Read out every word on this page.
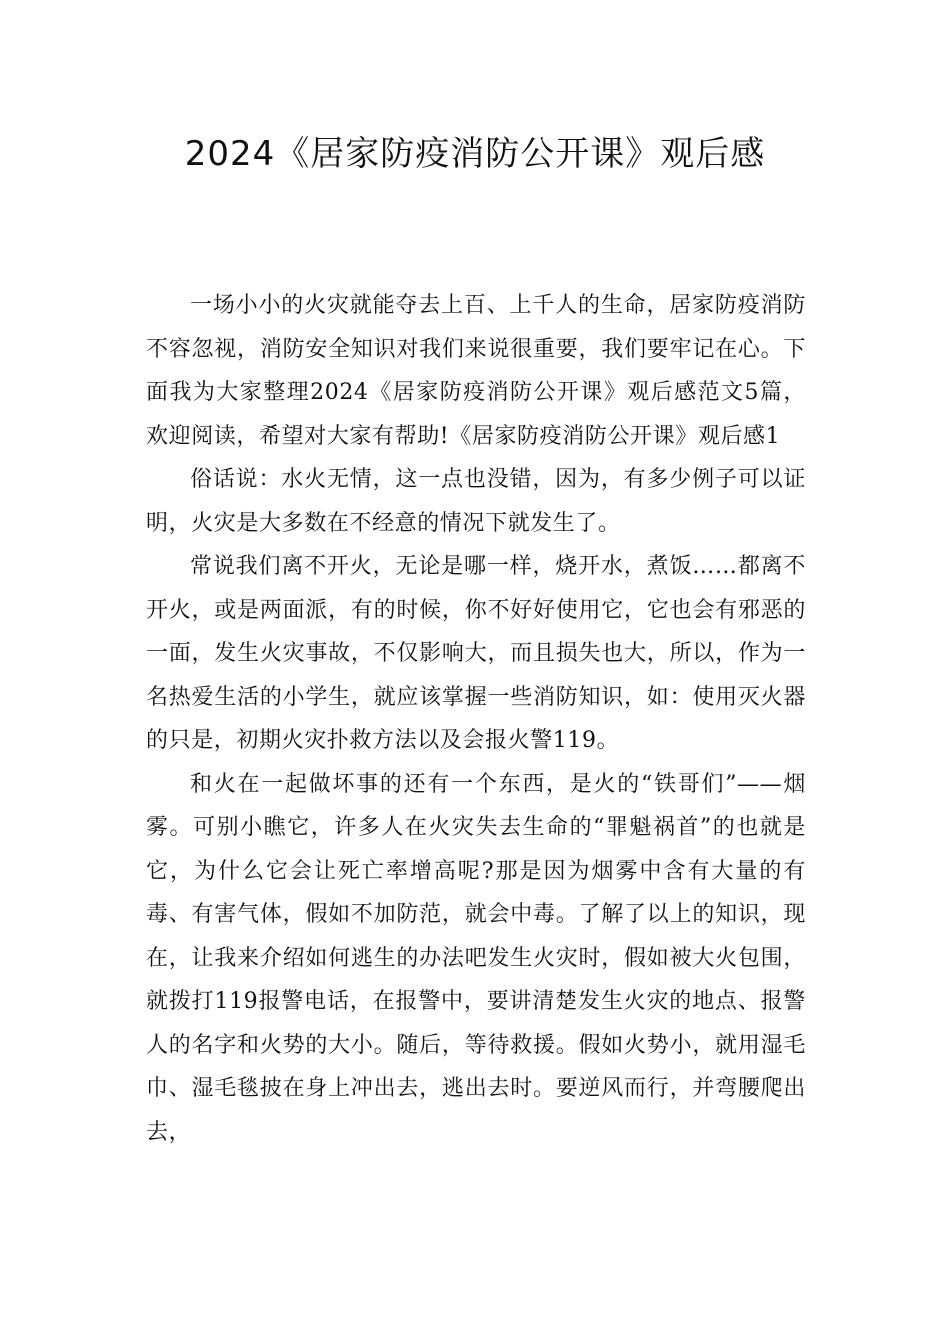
2024《居家防疫消防公开课》观后感

一场小小的火灾就能夺去上百、上千人的生命，居家防疫消防不容忽视，消防安全知识对我们来说很重要，我们要牢记在心。下面我为大家整理2024《居家防疫消防公开课》观后感范文5篇，欢迎阅读，希望对大家有帮助!《居家防疫消防公开课》观后感1

俗话说：水火无情，这一点也没错，因为，有多少例子可以证明，火灾是大多数在不经意的情况下就发生了。

常说我们离不开火，无论是哪一样，烧开水，煮饭……都离不开火，或是两面派，有的时候，你不好好使用它，它也会有邪恶的一面，发生火灾事故，不仅影响大，而且损失也大，所以，作为一名热爱生活的小学生，就应该掌握一些消防知识，如：使用灭火器的只是，初期火灾扑救方法以及会报火警119。

和火在一起做坏事的还有一个东西，是火的“铁哥们”——烟雾。可别小瞧它，许多人在火灾失去生命的“罪魁祸首”的也就是它，为什么它会让死亡率增高呢?那是因为烟雾中含有大量的有毒、有害气体，假如不加防范，就会中毒。了解了以上的知识，现在，让我来介绍如何逃生的办法吧发生火灾时，假如被大火包围，就拨打119报警电话，在报警中，要讲清楚发生火灾的地点、报警人的名字和火势的大小。随后，等待救援。假如火势小，就用湿毛巾、湿毛毯披在身上冲出去，逃出去时。要逆风而行，并弯腰爬出去，
